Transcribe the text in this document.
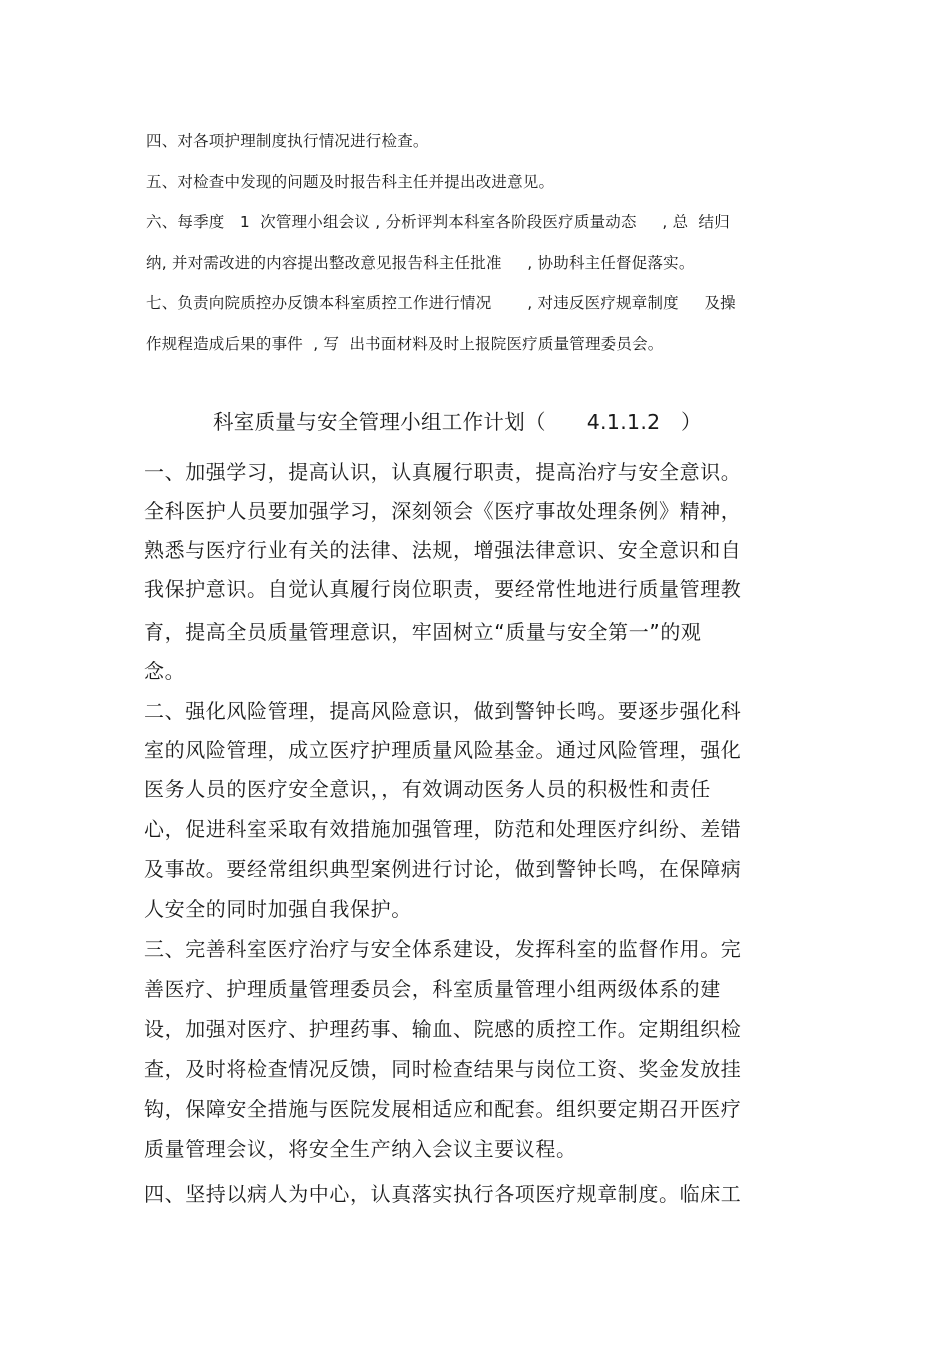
四、对各项护理制度执行情况进行检查。
五、对检查中发现的问题及时报告科主任并提出改进意见。
六、每季度   1  次管理小组会议 , 分析评判本科室各阶段医疗质量动态     , 总  结归
纳, 并对需改进的内容提出整改意见报告科主任批准     , 协助科主任督促落实。
七、负责向院质控办反馈本科室质控工作进行情况       , 对违反医疗规章制度     及操
作规程造成后果的事件  , 写  出书面材料及时上报院医疗质量管理委员会。
科室质量与安全管理小组工作计划（      4.1.1.2   ）
一、加强学习，提高认识，认真履行职责，提高治疗与安全意识。
全科医护人员要加强学习，深刻领会《医疗事故处理条例》精神，
熟悉与医疗行业有关的法律、法规，增强法律意识、安全意识和自
我保护意识。自觉认真履行岗位职责，要经常性地进行质量管理教
育，提高全员质量管理意识，牢固树立“质量与安全第一”的观
念。
二、强化风险管理，提高风险意识，做到警钟长鸣。要逐步强化科
室的风险管理，成立医疗护理质量风险基金。通过风险管理，强化
医务人员的医疗安全意识，，有效调动医务人员的积极性和责任
心，促进科室采取有效措施加强管理，防范和处理医疗纠纷、差错
及事故。要经常组织典型案例进行讨论，做到警钟长鸣，在保障病
人安全的同时加强自我保护。
三、完善科室医疗治疗与安全体系建设，发挥科室的监督作用。完
善医疗、护理质量管理委员会，科室质量管理小组两级体系的建
设，加强对医疗、护理药事、输血、院感的质控工作。定期组织检
查，及时将检查情况反馈，同时检查结果与岗位工资、奖金发放挂
钩，保障安全措施与医院发展相适应和配套。组织要定期召开医疗
质量管理会议，将安全生产纳入会议主要议程。
四、坚持以病人为中心，认真落实执行各项医疗规章制度。临床工
